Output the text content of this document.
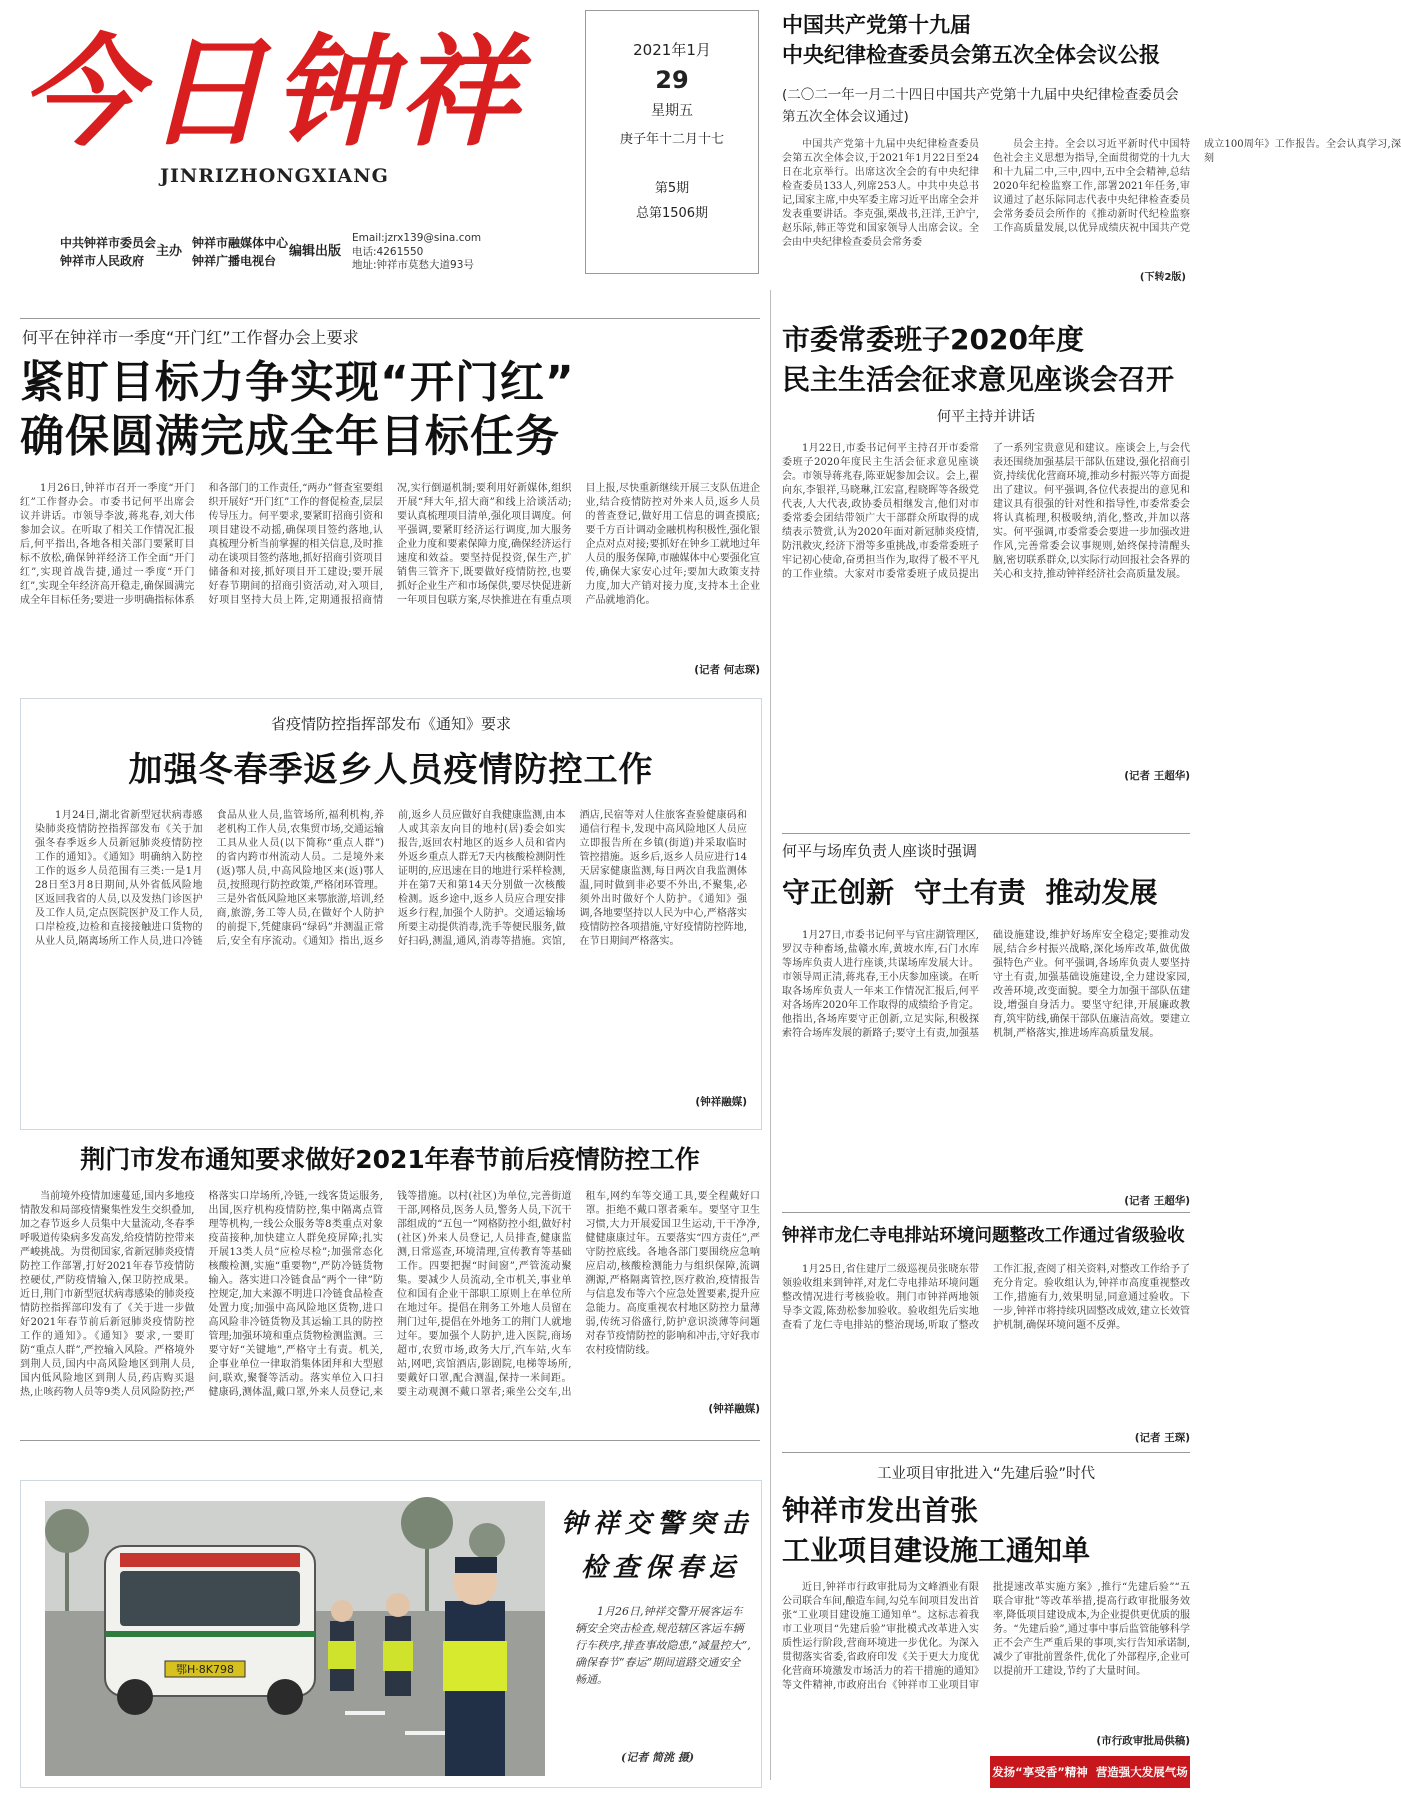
今日钟祥
JINRIZHONGXIANG
中共钟祥市委员会
钟祥市人民政府
主办
钟祥市融媒体中心
钟祥广播电视台
编辑出版
Email:jzrx139@sina.com
电话:4261550
地址:钟祥市莫愁大道93号
2021年1月
29
星期五
庚子年十二月十七
第5期
总第1506期
中国共产党第十九届
中央纪律检查委员会第五次全体会议公报
(二〇二一年一月二十四日中国共产党第十九届中央纪律检查委员会第五次全体会议通过)

中国共产党第十九届中央纪律检查委员会第五次全体会议,于2021年1月22日至24日在北京举行。出席这次全会的有中央纪律检查委员133人,列席253人。中共中央总书记,国家主席,中央军委主席习近平出席全会并发表重要讲话。李克强,栗战书,汪洋,王沪宁,赵乐际,韩正等党和国家领导人出席会议。全会由中央纪律检查委员会常务委

员会主持。全会以习近平新时代中国特色社会主义思想为指导,全面贯彻党的十九大和十九届二中,三中,四中,五中全会精神,总结2020年纪检监察工作,部署2021年任务,审议通过了赵乐际同志代表中央纪律检查委员会常务委员会所作的《推动新时代纪检监察工作高质量发展,以优异成绩庆祝中国共产党成立100周年》工作报告。全会认真学习,深刻

(下转2版)
何平在钟祥市一季度“开门红”工作督办会上要求
紧盯目标力争实现“开门红”
确保圆满完成全年目标任务

1月26日,钟祥市召开一季度“开门红”工作督办会。市委书记何平出席会议并讲话。市领导李波,蒋兆春,刘大伟参加会议。在听取了相关工作情况汇报后,何平指出,各地各相关部门要紧盯目标不放松,确保钟祥经济工作全面“开门红”,实现首战告捷,通过一季度“开门红”,实现全年经济高开稳走,确保圆满完成全年目标任务;要进一步明确指标体系和各部门的工作责任,“两办”督查室要组织开展好“开门红”工作的督促检查,层层传导压力。何平要求,要紧盯招商引资和项目建设不动摇,确保项目签约落地,认真梳理分析当前掌握的相关信息,及时推动在谈项目签约落地,抓好招商引资项目储备和对接,抓好项目开工建设;要开展好春节期间的招商引资活动,对入项目,好项目坚持大员上阵,定期通报招商情况,实行倒逼机制;要利用好新媒体,组织开展“拜大年,招大商”和线上洽谈活动;要认真梳理项目清单,强化项目调度。何平强调,要紧盯经济运行调度,加大服务企业力度和要素保障力度,确保经济运行速度和效益。要坚持促投资,保生产,扩销售三管齐下,既要做好疫情防控,也要抓好企业生产和市场保供,要尽快促进新一年项目包联方案,尽快推进在有重点项目上报,尽快重新继续开展三支队伍进企业,结合疫情防控对外来人员,返乡人员的普查登记,做好用工信息的调查摸底;要千方百计调动金融机构积极性,强化银企点对点对接;要抓好在钟乡工就地过年人员的服务保障,市融媒体中心要强化宣传,确保大家安心过年;要加大政策支持力度,加大产销对接力度,支持本土企业产品就地消化。

(记者 何志琛)
省疫情防控指挥部发布《通知》要求
加强冬春季返乡人员疫情防控工作

1月24日,湖北省新型冠状病毒感染肺炎疫情防控指挥部发布《关于加强冬春季返乡人员新冠肺炎疫情防控工作的通知》。《通知》明确纳入防控工作的返乡人员范围有三类:一是1月28日至3月8日期间,从外省低风险地区返回我省的人员,以及发热门诊医护及工作人员,定点医院医护及工作人员,口岸检疫,边检和直接接触进口货物的从业人员,隔离场所工作人员,进口冷链食品从业人员,监管场所,福利机构,养老机构工作人员,农集贸市场,交通运输工具从业人员(以下简称“重点人群”)的省内跨市州流动人员。二是境外来(返)鄂人员,中高风险地区来(返)鄂人员,按照现行防控政策,严格闭环管理。三是外省低风险地区来鄂旅游,培训,经商,旅游,务工等人员,在做好个人防护的前提下,凭健康码“绿码”并测温正常后,安全有序流动。《通知》指出,返乡前,返乡人员应做好自我健康监测,由本人或其亲友向目的地村(居)委会如实报告,返回农村地区的返乡人员和省内外返乡重点人群无7天内核酸检测阴性证明的,应迅速在目的地进行采样检测,并在第7天和第14天分别做一次核酸检测。返乡途中,返乡人员应合理安排返乡行程,加强个人防护。交通运输场所要主动提供消毒,洗手等便民服务,做好扫码,测温,通风,消毒等措施。宾馆,酒店,民宿等对人住旅客查验健康码和通信行程卡,发现中高风险地区人员应立即报告所在乡镇(街道)并采取临时管控措施。返乡后,返乡人员应进行14天居家健康监测,每日两次自我监测体温,同时做到非必要不外出,不聚集,必须外出时做好个人防护。《通知》强调,各地要坚持以人民为中心,严格落实疫情防控各项措施,守好疫情防控阵地,在节日期间严格落实。

(钟祥融媒)
荆门市发布通知要求做好2021年春节前后疫情防控工作

当前境外疫情加速蔓延,国内多地疫情散发和局部疫情聚集性发生交织叠加,加之春节返乡人员集中大量流动,冬春季呼吸道传染病多发高发,给疫情防控带来严峻挑战。为贯彻国家,省新冠肺炎疫情防控工作部署,打好2021年春节疫情防控硬仗,严防疫情输入,保卫防控成果。近日,荆门市新型冠状病毒感染的肺炎疫情防控指挥部印发有了《关于进一步做好2021年春节前后新冠肺炎疫情防控工作的通知》。《通知》要求,一要盯防“重点人群”,严控输入风险。严格境外到荆人员,国内中高风险地区到荆人员,国内低风险地区到荆人员,药店购买退热,止咳药物人员等9类人员风险防控;严格落实口岸场所,冷链,一线客货运服务,出国,医疗机构疫情防控,集中隔离点管理等机构,一线公众服务等8类重点对象疫苗接种,加快建立人群免疫屏障;扎实开展13类人员“应检尽检”;加强常态化核酸检测,实施“重要物”,严防冷链货物输入。落实进口冷链食品“两个一律”防控规定,加大来源不明进口冷链食品检查处置力度;加强中高风险地区货物,进口高风险非冷链货物及其运输工具的防控管理;加强环境和重点货物检测监测。三要守好“关键地”,严格守土有责。机关,企事业单位一律取消集体团拜和大型慰问,联欢,聚餐等活动。落实单位入口扫健康码,测体温,戴口罩,外来人员登记,来钱等措施。以村(社区)为单位,完善街道干部,网格员,医务人员,警务人员,下沉干部组成的“五包一”网格防控小组,做好村(社区)外来人员登记,人员排查,健康监测,日常巡查,环境清理,宣传教育等基础工作。四要把握“时间窗”,严管流动聚集。要减少人员流动,全市机关,事业单位和国有企业干部职工原则上在单位所在地过年。提倡在荆务工外地人员留在荆门过年,提倡在外地务工的荆门人就地过年。要加强个人防护,进入医院,商场超市,农贸市场,政务大厅,汽车站,火车站,网吧,宾馆酒店,影剧院,电梯等场所,要戴好口罩,配合测温,保持一米间距。要主动观测不戴口罩者;乘坐公交车,出租车,网约车等交通工具,要全程戴好口罩。拒绝不戴口罩者乘车。要坚守卫生习惯,大力开展爱国卫生运动,干干净净,健健康康过年。五要落实“四方责任”,严守防控底线。各地各部门要围绕应急响应启动,核酸检测能力与组织保障,流调溯源,严格隔离管控,医疗救治,疫情报告与信息发布等六个应急处置要素,提升应急能力。高度重视农村地区防控力量薄弱,传统习俗盛行,防护意识淡薄等问题对春节疫情防控的影响和冲击,守好我市农村疫情防线。

(钟祥融媒)
鄂H·8K798
钟祥交警突击
检查保春运
1月26日,钟祥交警开展客运车辆安全突击检查,规范辖区客运车辆行车秩序,排查事故隐患,“减量控大”,确保春节“春运”期间道路交通安全畅通。
(记者 简洮 摄)
市委常委班子2020年度
民主生活会征求意见座谈会召开
何平主持并讲话

1月22日,市委书记何平主持召开市委常委班子2020年度民主生活会征求意见座谈会。市领导蒋兆春,陈亚妮参加会议。会上,翟向东,李银祥,马晓琳,江宏富,程晓晖等各级党代表,人大代表,政协委员相继发言,他们对市委常委会团结带领广大干部群众所取得的成绩表示赞赏,认为2020年面对新冠肺炎疫情,防汛救灾,经济下滑等多重挑战,市委常委班子牢记初心使命,奋勇担当作为,取得了极不平凡的工作业绩。大家对市委常委班子成员提出了一系列宝贵意见和建议。座谈会上,与会代表还围绕加强基层干部队伍建设,强化招商引资,持续优化营商环境,推动乡村振兴等方面提出了建议。何平强调,各位代表提出的意见和建议具有很强的针对性和指导性,市委常委会将认真梳理,积极吸纳,消化,整改,并加以落实。何平强调,市委常委会要进一步加强改进作风,完善常委会议事规则,始终保持清醒头脑,密切联系群众,以实际行动回报社会各界的关心和支持,推动钟祥经济社会高质量发展。

(记者 王超华)
何平与场库负责人座谈时强调
守正创新 守土有责 推动发展

1月27日,市委书记何平与官庄湖管理区,罗汉寺种畜场,盐赣水库,黄坡水库,石门水库等场库负责人进行座谈,共谋场库发展大计。市领导周正清,蒋兆春,王小庆参加座谈。在听取各场库负责人一年来工作情况汇报后,何平对各场库2020年工作取得的成绩给予肯定。他指出,各场库要守正创新,立足实际,积极探索符合场库发展的新路子;要守土有责,加强基础设施建设,维护好场库安全稳定;要推动发展,结合乡村振兴战略,深化场库改革,做优做强特色产业。何平强调,各场库负责人要坚持守土有责,加强基础设施建设,全力建设家园,改善环境,改变面貌。要全力加强干部队伍建设,增强自身活力。要坚守纪律,开展廉政教育,筑牢防线,确保干部队伍廉洁高效。要建立机制,严格落实,推进场库高质量发展。

(记者 王超华)
钟祥市龙仁寺电排站环境问题整改工作通过省级验收

1月25日,省住建厅二级巡视员张晓东带领验收组来到钟祥,对龙仁寺电排站环境问题整改情况进行考核验收。荆门市钟祥两地领导李文霞,陈劲松参加验收。验收组先后实地查看了龙仁寺电排站的整治现场,听取了整改工作汇报,查阅了相关资料,对整改工作给予了充分肯定。验收组认为,钟祥市高度重视整改工作,措施有力,效果明显,同意通过验收。下一步,钟祥市将持续巩固整改成效,建立长效管护机制,确保环境问题不反弹。

(记者 王琛)
工业项目审批进入“先建后验”时代
钟祥市发出首张
工业项目建设施工通知单

近日,钟祥市行政审批局为文峰酒业有限公司联合车间,酿造车间,勾兑车间项目发出首张“工业项目建设施工通知单”。这标志着我市工业项目“先建后验”审批模式改革进入实质性运行阶段,营商环境进一步优化。为深入贯彻落实省委,省政府印发《关于更大力度优化营商环境激发市场活力的若干措施的通知》等文件精神,市政府出台《钟祥市工业项目审批提速改革实施方案》,推行“先建后验”“五联合审批”等改革举措,提高行政审批服务效率,降低项目建设成本,为企业提供更优质的服务。“先建后验”,通过事中事后监管能够科学正不会产生严重后果的事项,实行告知承诺制,减少了审批前置条件,优化了外部程序,企业可以提前开工建设,节约了大量时间。

(市行政审批局供稿)
发扬“享受香”精神 营造强大发展气场
